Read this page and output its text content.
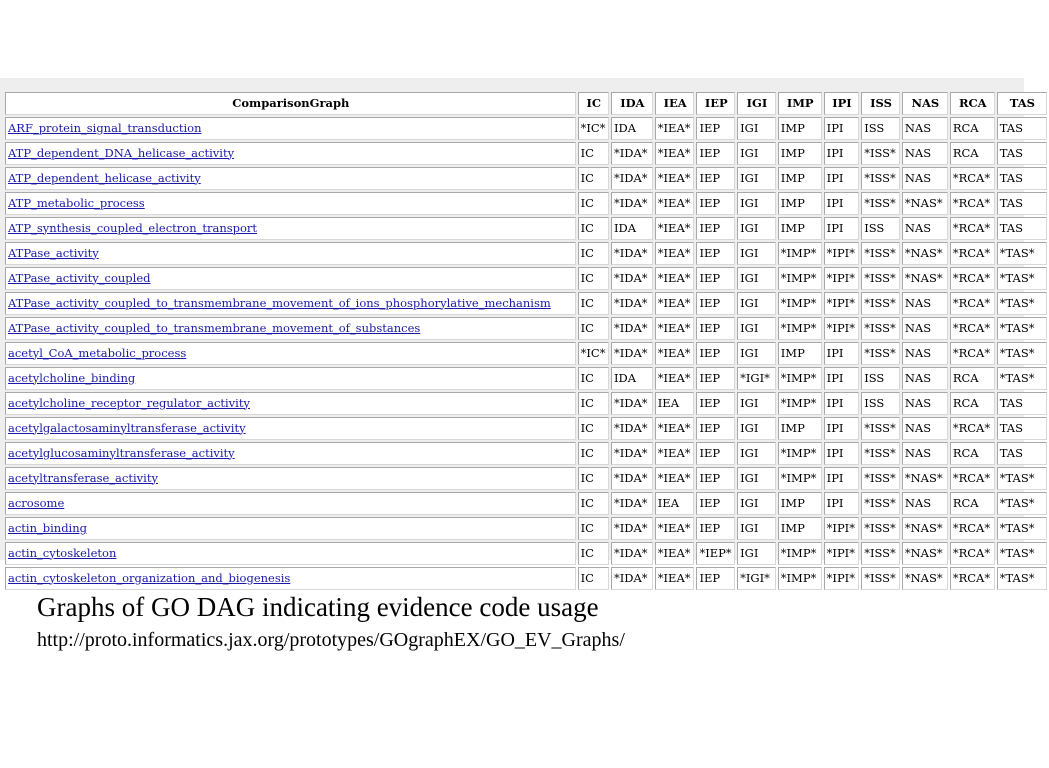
ComparisonGraph	IC	IDA	IEA	IEP	IGI	IMP	IPI	ISS	NAS	RCA	TAS
ARF_protein_signal_transduction	*IC*	IDA	*IEA*	IEP	IGI	IMP	IPI	ISS	NAS	RCA	TAS
ATP_dependent_DNA_helicase_activity	IC	*IDA*	*IEA*	IEP	IGI	IMP	IPI	*ISS*	NAS	RCA	TAS
ATP_dependent_helicase_activity	IC	*IDA*	*IEA*	IEP	IGI	IMP	IPI	*ISS*	NAS	*RCA*	TAS
ATP_metabolic_process	IC	*IDA*	*IEA*	IEP	IGI	IMP	IPI	*ISS*	*NAS*	*RCA*	TAS
ATP_synthesis_coupled_electron_transport	IC	IDA	*IEA*	IEP	IGI	IMP	IPI	ISS	NAS	*RCA*	TAS
ATPase_activity	IC	*IDA*	*IEA*	IEP	IGI	*IMP*	*IPI*	*ISS*	*NAS*	*RCA*	*TAS*
ATPase_activity_coupled	IC	*IDA*	*IEA*	IEP	IGI	*IMP*	*IPI*	*ISS*	*NAS*	*RCA*	*TAS*
ATPase_activity_coupled_to_transmembrane_movement_of_ions_phosphorylative_mechanism	IC	*IDA*	*IEA*	IEP	IGI	*IMP*	*IPI*	*ISS*	NAS	*RCA*	*TAS*
ATPase_activity_coupled_to_transmembrane_movement_of_substances	IC	*IDA*	*IEA*	IEP	IGI	*IMP*	*IPI*	*ISS*	NAS	*RCA*	*TAS*
acetyl_CoA_metabolic_process	*IC*	*IDA*	*IEA*	IEP	IGI	IMP	IPI	*ISS*	NAS	*RCA*	*TAS*
acetylcholine_binding	IC	IDA	*IEA*	IEP	*IGI*	*IMP*	IPI	ISS	NAS	RCA	*TAS*
acetylcholine_receptor_regulator_activity	IC	*IDA*	IEA	IEP	IGI	*IMP*	IPI	ISS	NAS	RCA	TAS
acetylgalactosaminyltransferase_activity	IC	*IDA*	*IEA*	IEP	IGI	IMP	IPI	*ISS*	NAS	*RCA*	TAS
acetylglucosaminyltransferase_activity	IC	*IDA*	*IEA*	IEP	IGI	*IMP*	IPI	*ISS*	NAS	RCA	TAS
acetyltransferase_activity	IC	*IDA*	*IEA*	IEP	IGI	*IMP*	IPI	*ISS*	*NAS*	*RCA*	*TAS*
acrosome	IC	*IDA*	IEA	IEP	IGI	IMP	IPI	*ISS*	NAS	RCA	*TAS*
actin_binding	IC	*IDA*	*IEA*	IEP	IGI	IMP	*IPI*	*ISS*	*NAS*	*RCA*	*TAS*
actin_cytoskeleton	IC	*IDA*	*IEA*	*IEP*	IGI	*IMP*	*IPI*	*ISS*	*NAS*	*RCA*	*TAS*
actin_cytoskeleton_organization_and_biogenesis	IC	*IDA*	*IEA*	IEP	*IGI*	*IMP*	*IPI*	*ISS*	*NAS*	*RCA*	*TAS*
Graphs of GO DAG indicating evidence code usage
http://proto.informatics.jax.org/prototypes/GOgraphEX/GO_EV_Graphs/
